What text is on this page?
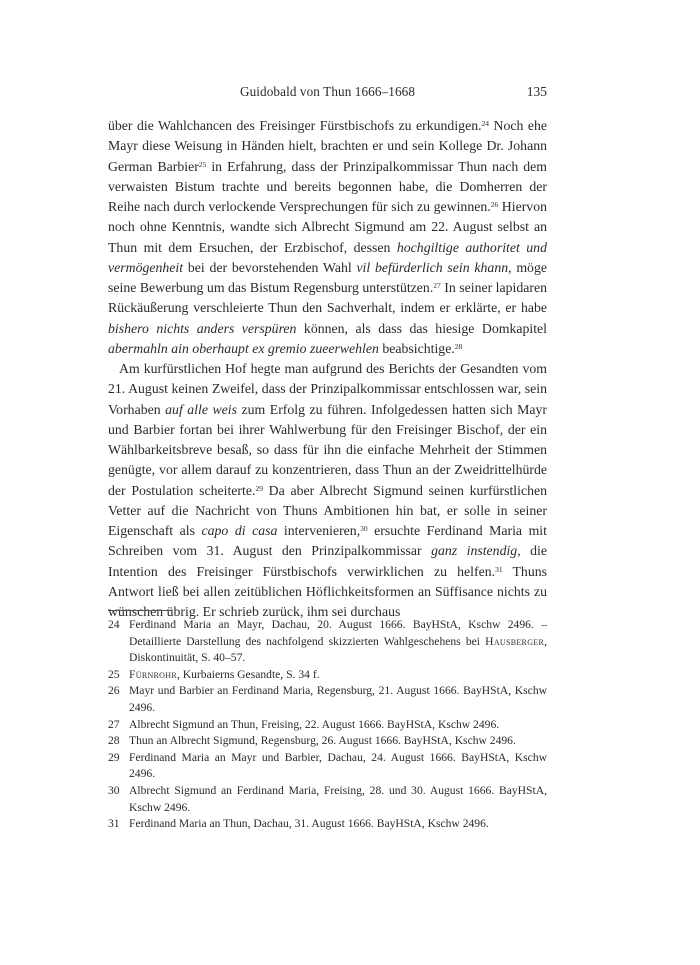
Guidobald von Thun 1666–1668	135

über die Wahlchancen des Freisinger Fürstbischofs zu erkundigen.$^{24}$ Noch ehe Mayr diese Weisung in Händen hielt, brachten er und sein Kollege Dr. Johann German Barbier$^{25}$ in Erfahrung, dass der Prinzipalkommissar Thun nach dem verwaisten Bistum trachte und bereits begonnen habe, die Domherren der Reihe nach durch verlockende Versprechungen für sich zu gewinnen.$^{26}$ Hiervon noch ohne Kenntnis, wandte sich Albrecht Sigmund am 22. August selbst an Thun mit dem Ersuchen, der Erzbischof, dessen hochgiltige authoritet und vermögenheit bei der bevorstehenden Wahl vil befürderlich sein khann, möge seine Bewerbung um das Bistum Regensburg unterstützen.$^{27}$ In seiner lapidaren Rückäußerung verschleierte Thun den Sachverhalt, indem er erklärte, er habe bishero nichts anders verspüren können, als dass das hiesige Domkapitel abermahln ain oberhaupt ex gremio zueerwehlen beabsichtige.$^{28}$

Am kurfürstlichen Hof hegte man aufgrund des Berichts der Gesandten vom 21. August keinen Zweifel, dass der Prinzipalkommissar entschlossen war, sein Vorhaben auf alle weis zum Erfolg zu führen. Infolgedessen hatten sich Mayr und Barbier fortan bei ihrer Wahlwerbung für den Freisinger Bischof, der ein Wählbarkeitsbreve besaß, so dass für ihn die einfache Mehrheit der Stimmen genügte, vor allem darauf zu konzentrieren, dass Thun an der Zweidrittelhürde der Postulation scheiterte.$^{29}$ Da aber Albrecht Sigmund seinen kurfürstlichen Vetter auf die Nachricht von Thuns Ambitionen hin bat, er solle in seiner Eigenschaft als capo di casa intervenieren,$^{30}$ ersuchte Ferdinand Maria mit Schreiben vom 31. August den Prinzipalkommissar ganz instendig, die Intention des Freisinger Fürstbischofs verwirklichen zu helfen.$^{31}$ Thuns Antwort ließ bei allen zeitüblichen Höflichkeitsformen an Süffisance nichts zu wünschen übrig. Er schrieb zurück, ihm sei durchaus

24 Ferdinand Maria an Mayr, Dachau, 20. August 1666. BayHStA, Kschw 2496. – Detaillierte Darstellung des nachfolgend skizzierten Wahlgeschehens bei Hausberger, Diskontinuität, S. 40–57.
25 Fürnrohr, Kurbaierns Gesandte, S. 34 f.
26 Mayr und Barbier an Ferdinand Maria, Regensburg, 21. August 1666. BayHStA, Kschw 2496.
27 Albrecht Sigmund an Thun, Freising, 22. August 1666. BayHStA, Kschw 2496.
28 Thun an Albrecht Sigmund, Regensburg, 26. August 1666. BayHStA, Kschw 2496.
29 Ferdinand Maria an Mayr und Barbier, Dachau, 24. August 1666. BayHStA, Kschw 2496.
30 Albrecht Sigmund an Ferdinand Maria, Freising, 28. und 30. August 1666. BayHStA, Kschw 2496.
31 Ferdinand Maria an Thun, Dachau, 31. August 1666. BayHStA, Kschw 2496.
